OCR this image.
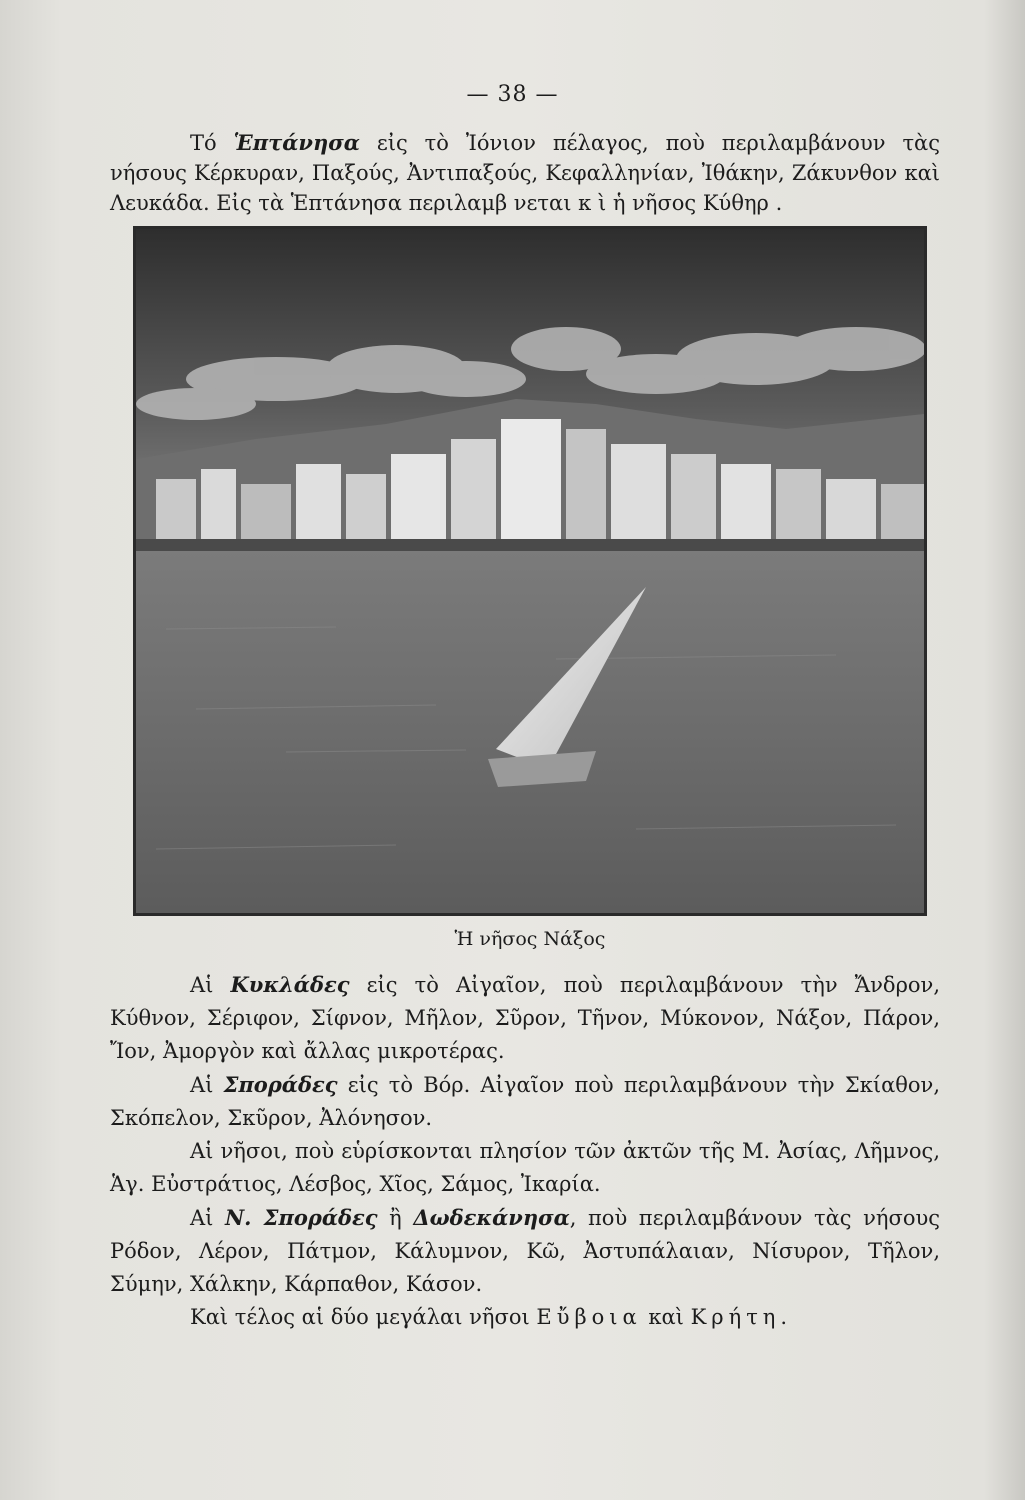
— 38 —

Τό Ἑπτάνησα εἰς τὸ Ἰόνιον πέλαγος, ποὺ περιλαμβάνουν τὰς νήσους Κέρκυραν, Παξούς, Ἀντιπαξούς, Κεφαλληνίαν, Ἰθάκην, Ζάκυνθον καὶ Λευκάδα. Εἰς τὰ Ἑπτάνησα περιλαμβ νεται κ ὶ ἡ νῆσος Κύθηρ .

Ἡ νῆσος Νάξος

Αἱ Κυκλάδες εἰς τὸ Αἰγαῖον, ποὺ περιλαμβάνουν τὴν Ἄνδρον, Κύθνον, Σέριφον, Σίφνον, Μῆλον, Σῦρον, Τῆνον, Μύκονον, Νάξον, Πάρον, Ἴον, Ἀμοργὸν καὶ ἄλλας μικροτέρας.

Αἱ Σποράδες εἰς τὸ Βόρ. Αἰγαῖον ποὺ περιλαμβάνουν τὴν Σκίαθον, Σκόπελον, Σκῦρον, Ἀλόνησον.

Αἱ νῆσοι, ποὺ εὑρίσκονται πλησίον τῶν ἀκτῶν τῆς Μ. Ἀσίας, Λῆμνος, Ἁγ. Εὐστράτιος, Λέσβος, Χῖος, Σάμος, Ἰκαρία.

Αἱ Ν. Σποράδες ἢ Δωδεκάνησα, ποὺ περιλαμβάνουν τὰς νήσους Ρόδον, Λέρον, Πάτμον, Κάλυμνον, Κῶ, Ἀστυπάλαιαν, Νίσυρον, Τῆλον, Σύμην, Χάλκην, Κάρπαθον, Κάσον.

Καὶ τέλος αἱ δύο μεγάλαι νῆσοι Εὔβοια καὶ Κρήτη.
